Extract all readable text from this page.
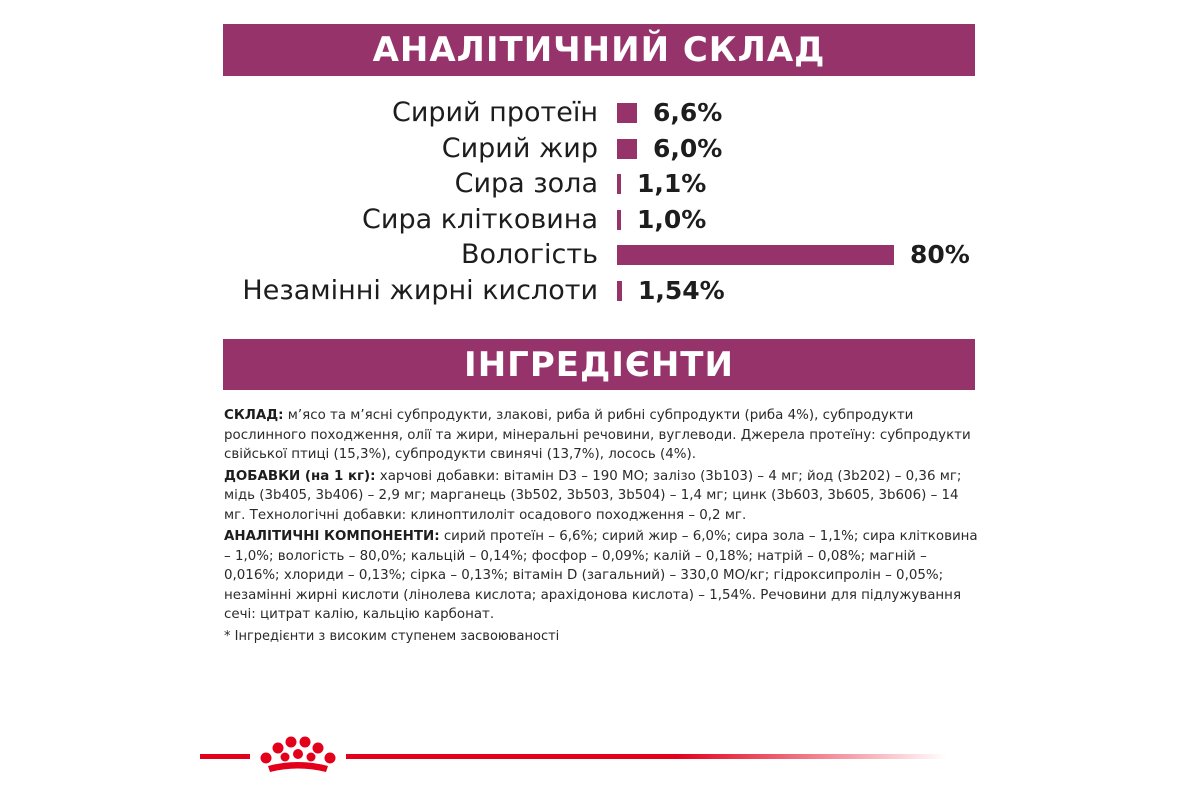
АНАЛІТИЧНИЙ СКЛАД
Сирий протеїн 6,6%
Сирий жир 6,0%
Сира зола 1,1%
Сира клітковина 1,0%
Вологість	80%
Незамінні жирні кислоти 1,54%
ІНГРЕДІЄНТИ

СКЛАД: м’ясо та м’ясні субпродукти, злакові, риба й рибні субпродукти (риба 4%), субпродукти рослинного походження, олії та жири, мінеральні речовини, вуглеводи. Джерела протеїну: субпродукти свійської птиці (15,3%), субпродукти свинячі (13,7%), лосось (4%).

ДОБАВКИ (на 1 кг): харчові добавки: вітамін D3 – 190 МО; залізо (3b103) – 4 мг; йод (3b202) – 0,36 мг; мідь (3b405, 3b406) – 2,9 мг; марганець (3b502, 3b503, 3b504) – 1,4 мг; цинк (3b603, 3b605, 3b606) – 14 мг. Технологічні добавки: клиноптилоліт осадового походження – 0,2 мг.

АНАЛІТИЧНІ КОМПОНЕНТИ: сирий протеїн – 6,6%; сирий жир – 6,0%; сира зола – 1,1%; сира клітковина – 1,0%; вологість – 80,0%; кальцій – 0,14%; фосфор – 0,09%; калій – 0,18%; натрій – 0,08%; магній – 0,016%; хлориди – 0,13%; сірка – 0,13%; вітамін D (загальний) – 330,0 МО/кг; гідроксипролін – 0,05%; незамінні жирні кислоти (лінолева кислота; арахідонова кислота) – 1,54%. Речовини для підлужування сечі: цитрат калію, кальцію карбонат.

* Інгредієнти з високим ступенем засвоюваності
